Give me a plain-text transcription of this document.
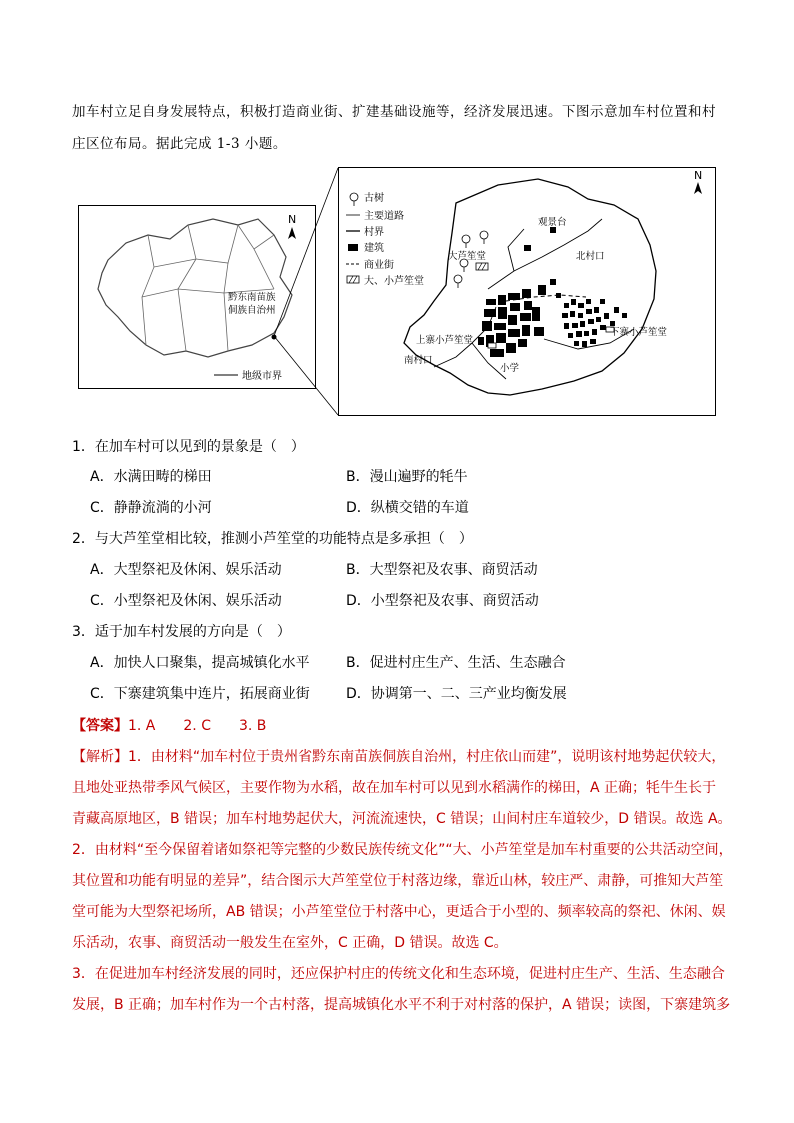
加车村立足自身发展特点，积极打造商业街、扩建基础设施等，经济发展迅速。下图示意加车村位置和村
庄区位布局。据此完成 1-3 小题。
N
黔东南苗族
侗族自治州
地级市界
古树
主要道路
村界
建筑
商业街
大、小芦笙堂
N
观景台
北村口
大芦笙堂
上寨小芦笙堂
下寨小芦笙堂
南村口
小学
1．在加车村可以见到的景象是（　）
A．水满田畴的梯田	B．漫山遍野的牦牛
C．静静流淌的小河	D．纵横交错的车道
2．与大芦笙堂相比较，推测小芦笙堂的功能特点是多承担（　）
A．大型祭祀及休闲、娱乐活动	B．大型祭祀及农事、商贸活动
C．小型祭祀及休闲、娱乐活动	D．小型祭祀及农事、商贸活动
3．适于加车村发展的方向是（　）
A．加快人口聚集，提高城镇化水平	B．促进村庄生产、生活、生态融合
C．下寨建筑集中连片，拓展商业街	D．协调第一、二、三产业均衡发展
【答案】1. A　　2. C　　3. B
【解析】1．由材料“加车村位于贵州省黔东南苗族侗族自治州，村庄依山而建”，说明该村地势起伏较大，
且地处亚热带季风气候区，主要作物为水稻，故在加车村可以见到水稻满作的梯田，A 正确；牦牛生长于
青藏高原地区，B 错误；加车村地势起伏大，河流流速快，C 错误；山间村庄车道较少，D 错误。故选 A。
2．由材料“至今保留着诸如祭祀等完整的少数民族传统文化”“大、小芦笙堂是加车村重要的公共活动空间，
其位置和功能有明显的差异”，结合图示大芦笙堂位于村落边缘，靠近山林，较庄严、肃静，可推知大芦笙
堂可能为大型祭祀场所，AB 错误；小芦笙堂位于村落中心，更适合于小型的、频率较高的祭祀、休闲、娱
乐活动，农事、商贸活动一般发生在室外，C 正确，D 错误。故选 C。
3．在促进加车村经济发展的同时，还应保护村庄的传统文化和生态环境，促进村庄生产、生活、生态融合
发展，B 正确；加车村作为一个古村落，提高城镇化水平不利于对村落的保护，A 错误；读图，下寨建筑多
